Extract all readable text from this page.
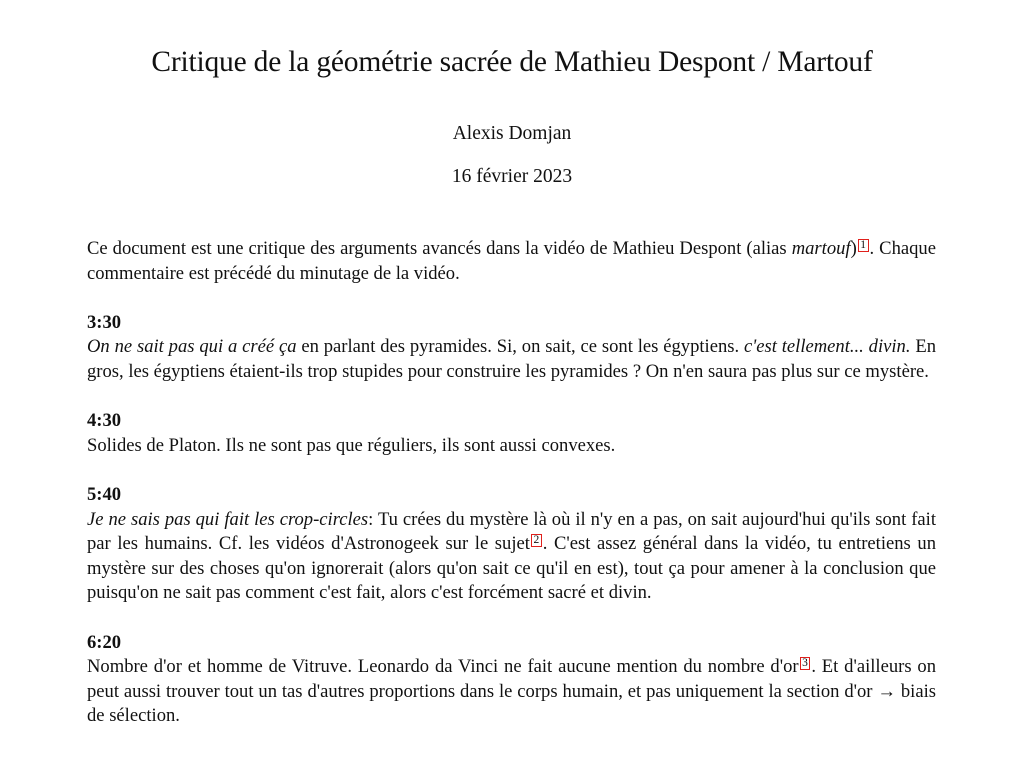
Critique de la géométrie sacrée de Mathieu Despont / Martouf
Alexis Domjan
16 février 2023

Ce document est une critique des arguments avancés dans la vidéo de Mathieu Despont (alias martouf) 1 . Chaque commentaire est précédé du minutage de la vidéo.

3:30

On ne sait pas qui a créé ça en parlant des pyramides. Si, on sait, ce sont les égyptiens. c'est tellement... divin. En gros, les égyptiens étaient-ils trop stupides pour construire les pyramides ? On n'en saura pas plus sur ce mystère.

4:30

Solides de Platon. Ils ne sont pas que réguliers, ils sont aussi convexes.

5:40

Je ne sais pas qui fait les crop-circles: Tu crées du mystère là où il n'y en a pas, on sait aujourd'hui qu'ils sont fait par les humains. Cf. les vidéos d'Astronogeek sur le sujet 2 . C'est assez général dans la vidéo, tu entretiens un mystère sur des choses qu'on ignorerait (alors qu'on sait ce qu'il en est), tout ça pour amener à la conclusion que puisqu'on ne sait pas comment c'est fait, alors c'est forcément sacré et divin.

6:20

Nombre d'or et homme de Vitruve. Leonardo da Vinci ne fait aucune mention du nombre d'or 3 . Et d'ailleurs on peut aussi trouver tout un tas d'autres proportions dans le corps humain, et pas uniquement la section d'or → biais de sélection.
